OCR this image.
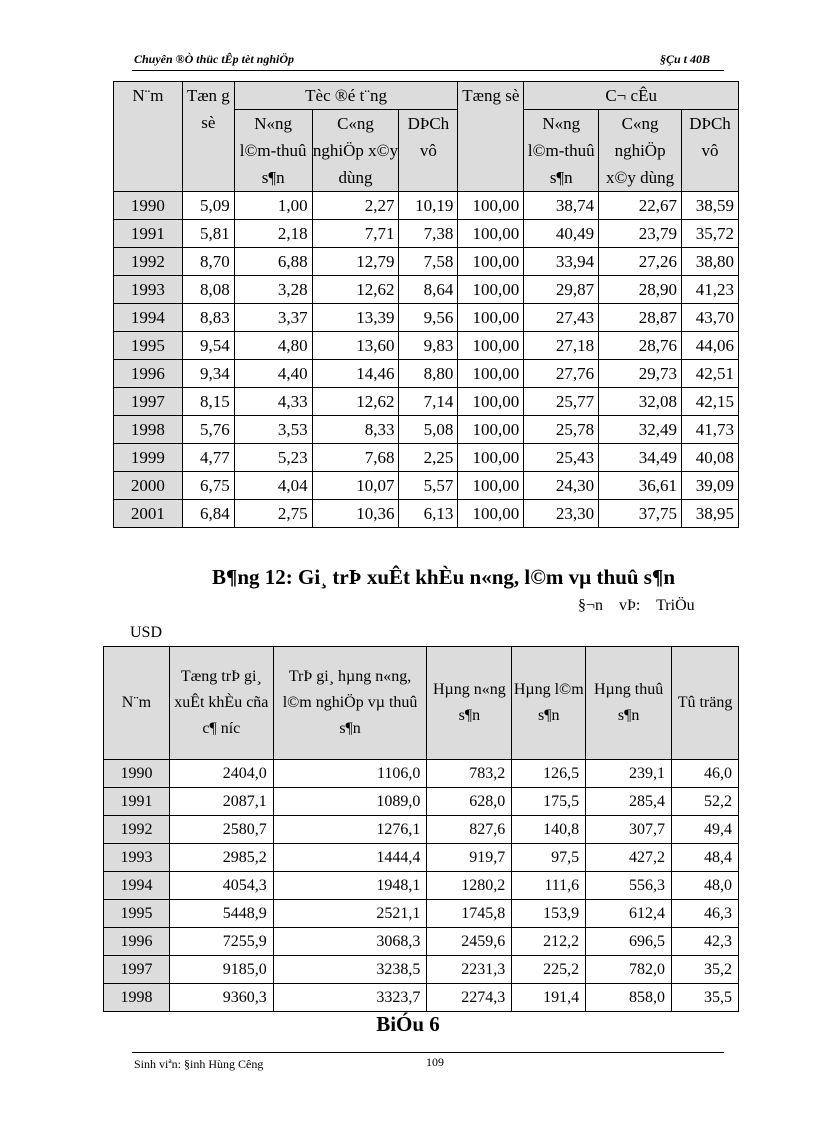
Chuyên ®Ò thüc tÊp tèt nghiÖp	§Çu t 40B
N¨m	Tæn g sè	Tèc ®é t¨ng			Tæng sè	C¬ cÊu		
		N«ng l©m-thuû s¶n	C«ng nghiÖp x©y dùng	DÞCh vô		N«ng l©m-thuû s¶n	C«ng nghiÖp x©y dùng	DÞCh vô
1990	5,09	1,00	2,27	10,19	100,00	38,74	22,67	38,59
1991	5,81	2,18	7,71	7,38	100,00	40,49	23,79	35,72
1992	8,70	6,88	12,79	7,58	100,00	33,94	27,26	38,80
1993	8,08	3,28	12,62	8,64	100,00	29,87	28,90	41,23
1994	8,83	3,37	13,39	9,56	100,00	27,43	28,87	43,70
1995	9,54	4,80	13,60	9,83	100,00	27,18	28,76	44,06
1996	9,34	4,40	14,46	8,80	100,00	27,76	29,73	42,51
1997	8,15	4,33	12,62	7,14	100,00	25,77	32,08	42,15
1998	5,76	3,53	8,33	5,08	100,00	25,78	32,49	41,73
1999	4,77	5,23	7,68	2,25	100,00	25,43	34,49	40,08
2000	6,75	4,04	10,07	5,57	100,00	24,30	36,61	39,09
2001	6,84	2,75	10,36	6,13	100,00	23,30	37,75	38,95
B¶ng 12: Gi¸ trÞ xuÊt khÈu n«ng, l©m vµ thuû s¶n
§¬n    vÞ:    TriÖu
USD
N¨m	Tæng trÞ gi¸ xuÊt khÈu cña c¶ níc	TrÞ gi¸ hµng n«ng, l©m nghiÖp vµ thuû s¶n	Hµng n«ng s¶n	Hµng l©m s¶n	Hµng thuû s¶n	Tû träng
1990	2404,0	1106,0	783,2	126,5	239,1	46,0
1991	2087,1	1089,0	628,0	175,5	285,4	52,2
1992	2580,7	1276,1	827,6	140,8	307,7	49,4
1993	2985,2	1444,4	919,7	97,5	427,2	48,4
1994	4054,3	1948,1	1280,2	111,6	556,3	48,0
1995	5448,9	2521,1	1745,8	153,9	612,4	46,3
1996	7255,9	3068,3	2459,6	212,2	696,5	42,3
1997	9185,0	3238,5	2231,3	225,2	782,0	35,2
1998	9360,3	3323,7	2274,3	191,4	858,0	35,5
BiÓu 6
Sinh viªn: §inh Hùng Cêng	109
